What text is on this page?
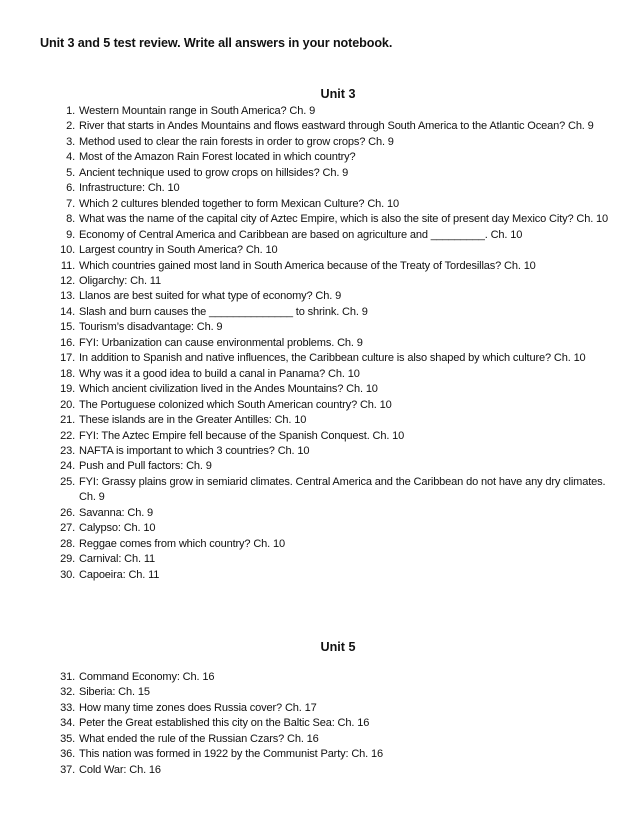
Unit 3 and 5 test review. Write all answers in your notebook.
Unit 3
1. Western Mountain range in South America? Ch. 9
2. River that starts in Andes Mountains and flows eastward through South America to the Atlantic Ocean? Ch. 9
3. Method used to clear the rain forests in order to grow crops? Ch. 9
4. Most of the Amazon Rain Forest located in which country?
5. Ancient technique used to grow crops on hillsides? Ch. 9
6. Infrastructure: Ch. 10
7. Which 2 cultures blended together to form Mexican Culture? Ch. 10
8. What was the name of the capital city of Aztec Empire, which is also the site of present day Mexico City? Ch. 10
9. Economy of Central America and Caribbean are based on agriculture and _________. Ch. 10
10. Largest country in South America? Ch. 10
11. Which countries gained most land in South America because of the Treaty of Tordesillas? Ch. 10
12. Oligarchy: Ch. 11
13. Llanos are best suited for what type of economy? Ch. 9
14. Slash and burn causes the ______________ to shrink. Ch. 9
15. Tourism’s disadvantage: Ch. 9
16. FYI: Urbanization can cause environmental problems. Ch. 9
17. In addition to Spanish and native influences, the Caribbean culture is also shaped by which culture? Ch. 10
18. Why was it a good idea to build a canal in Panama? Ch. 10
19. Which ancient civilization lived in the Andes Mountains? Ch. 10
20. The Portuguese colonized which South American country? Ch. 10
21. These islands are in the Greater Antilles: Ch. 10
22. FYI: The Aztec Empire fell because of the Spanish Conquest. Ch. 10
23. NAFTA is important to which 3 countries? Ch. 10
24. Push and Pull factors: Ch. 9
25. FYI: Grassy plains grow in semiarid climates. Central America and the Caribbean do not have any dry climates. Ch. 9
26. Savanna: Ch. 9
27. Calypso: Ch. 10
28. Reggae comes from which country? Ch. 10
29. Carnival: Ch. 11
30. Capoeira: Ch. 11
Unit 5
31. Command Economy: Ch. 16
32. Siberia: Ch. 15
33. How many time zones does Russia cover? Ch. 17
34. Peter the Great established this city on the Baltic Sea: Ch. 16
35. What ended the rule of the Russian Czars? Ch. 16
36. This nation was formed in 1922 by the Communist Party: Ch. 16
37. Cold War: Ch. 16
